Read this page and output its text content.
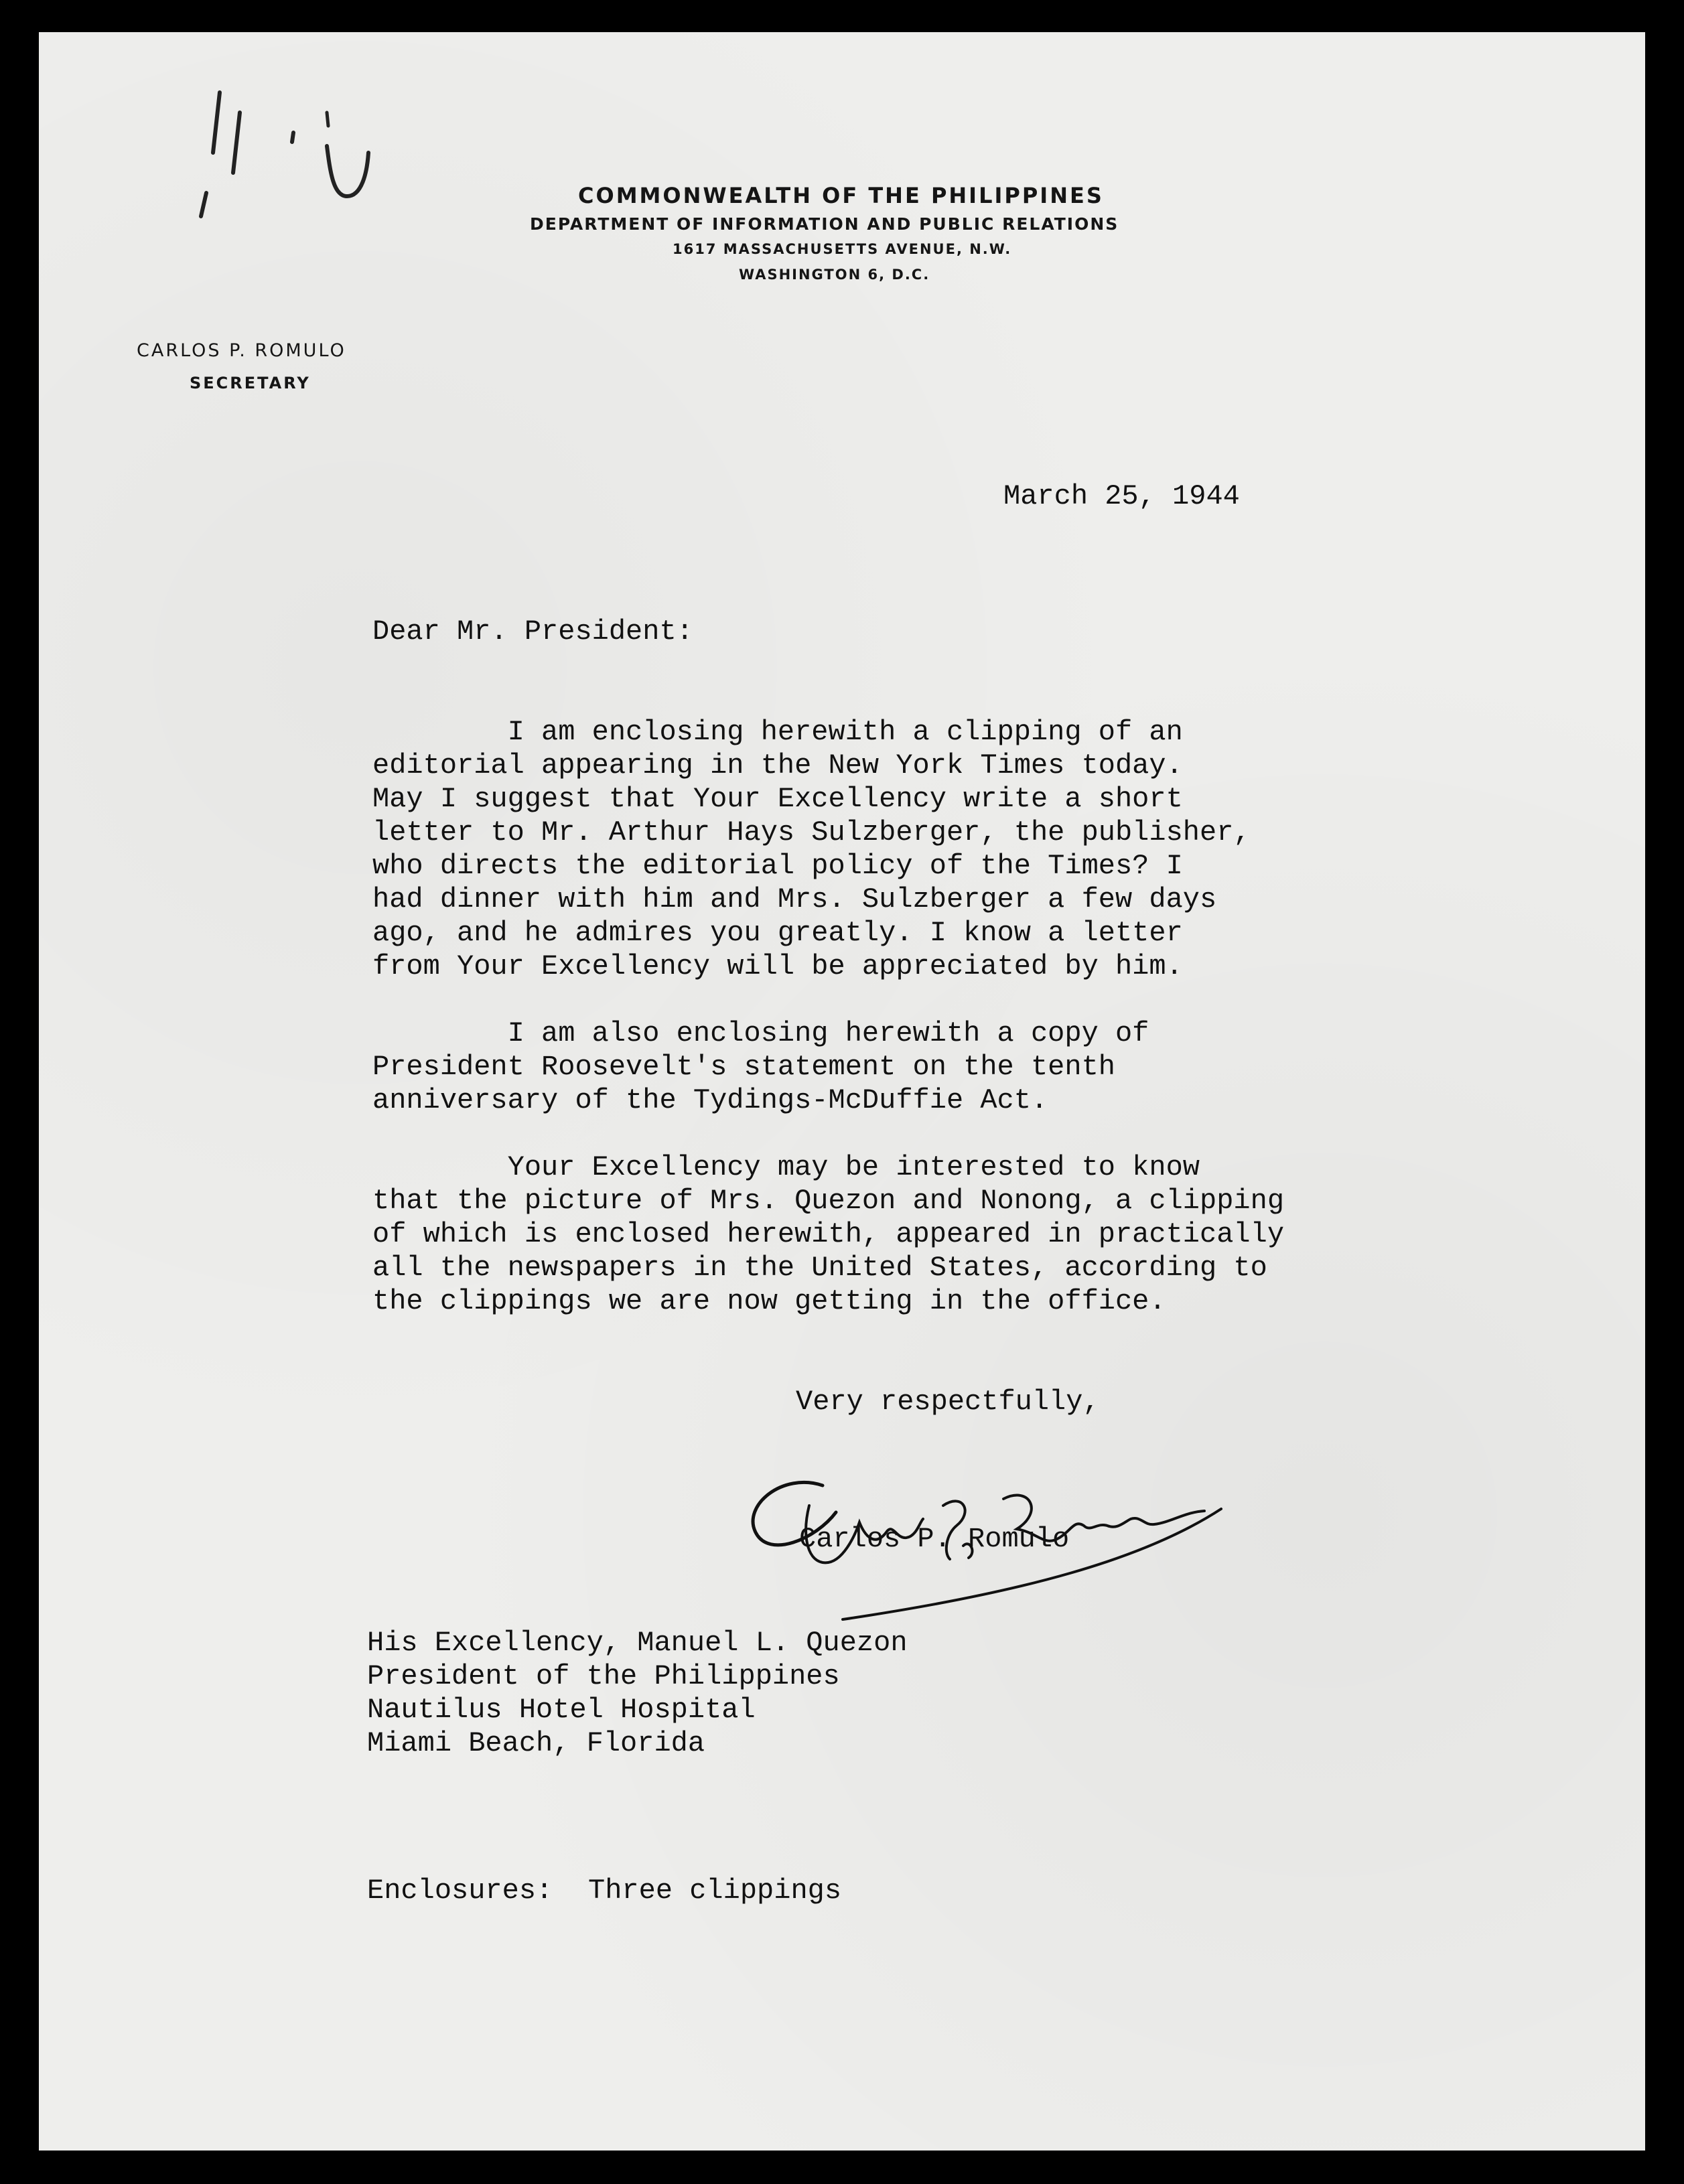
COMMONWEALTH OF THE PHILIPPINES
DEPARTMENT OF INFORMATION AND PUBLIC RELATIONS
1617 MASSACHUSETTS AVENUE, N.W.
WASHINGTON 6, D.C.
CARLOS P. ROMULO
SECRETARY
March 25, 1944
Dear Mr. President:
I am enclosing herewith a clipping of an
editorial appearing in the New York Times today.
May I suggest that Your Excellency write a short
letter to Mr. Arthur Hays Sulzberger, the publisher,
who directs the editorial policy of the Times? I
had dinner with him and Mrs. Sulzberger a few days
ago, and he admires you greatly. I know a letter
from Your Excellency will be appreciated by him.
I am also enclosing herewith a copy of
President Roosevelt's statement on the tenth
anniversary of the Tydings-McDuffie Act.
Your Excellency may be interested to know
that the picture of Mrs. Quezon and Nonong, a clipping
of which is enclosed herewith, appeared in practically
all the newspapers in the United States, according to
the clippings we are now getting in the office.
Very respectfully,
Carlos P. Romulo
His Excellency, Manuel L. Quezon
President of the Philippines
Nautilus Hotel Hospital
Miami Beach, Florida
Enclosures: Three clippings
